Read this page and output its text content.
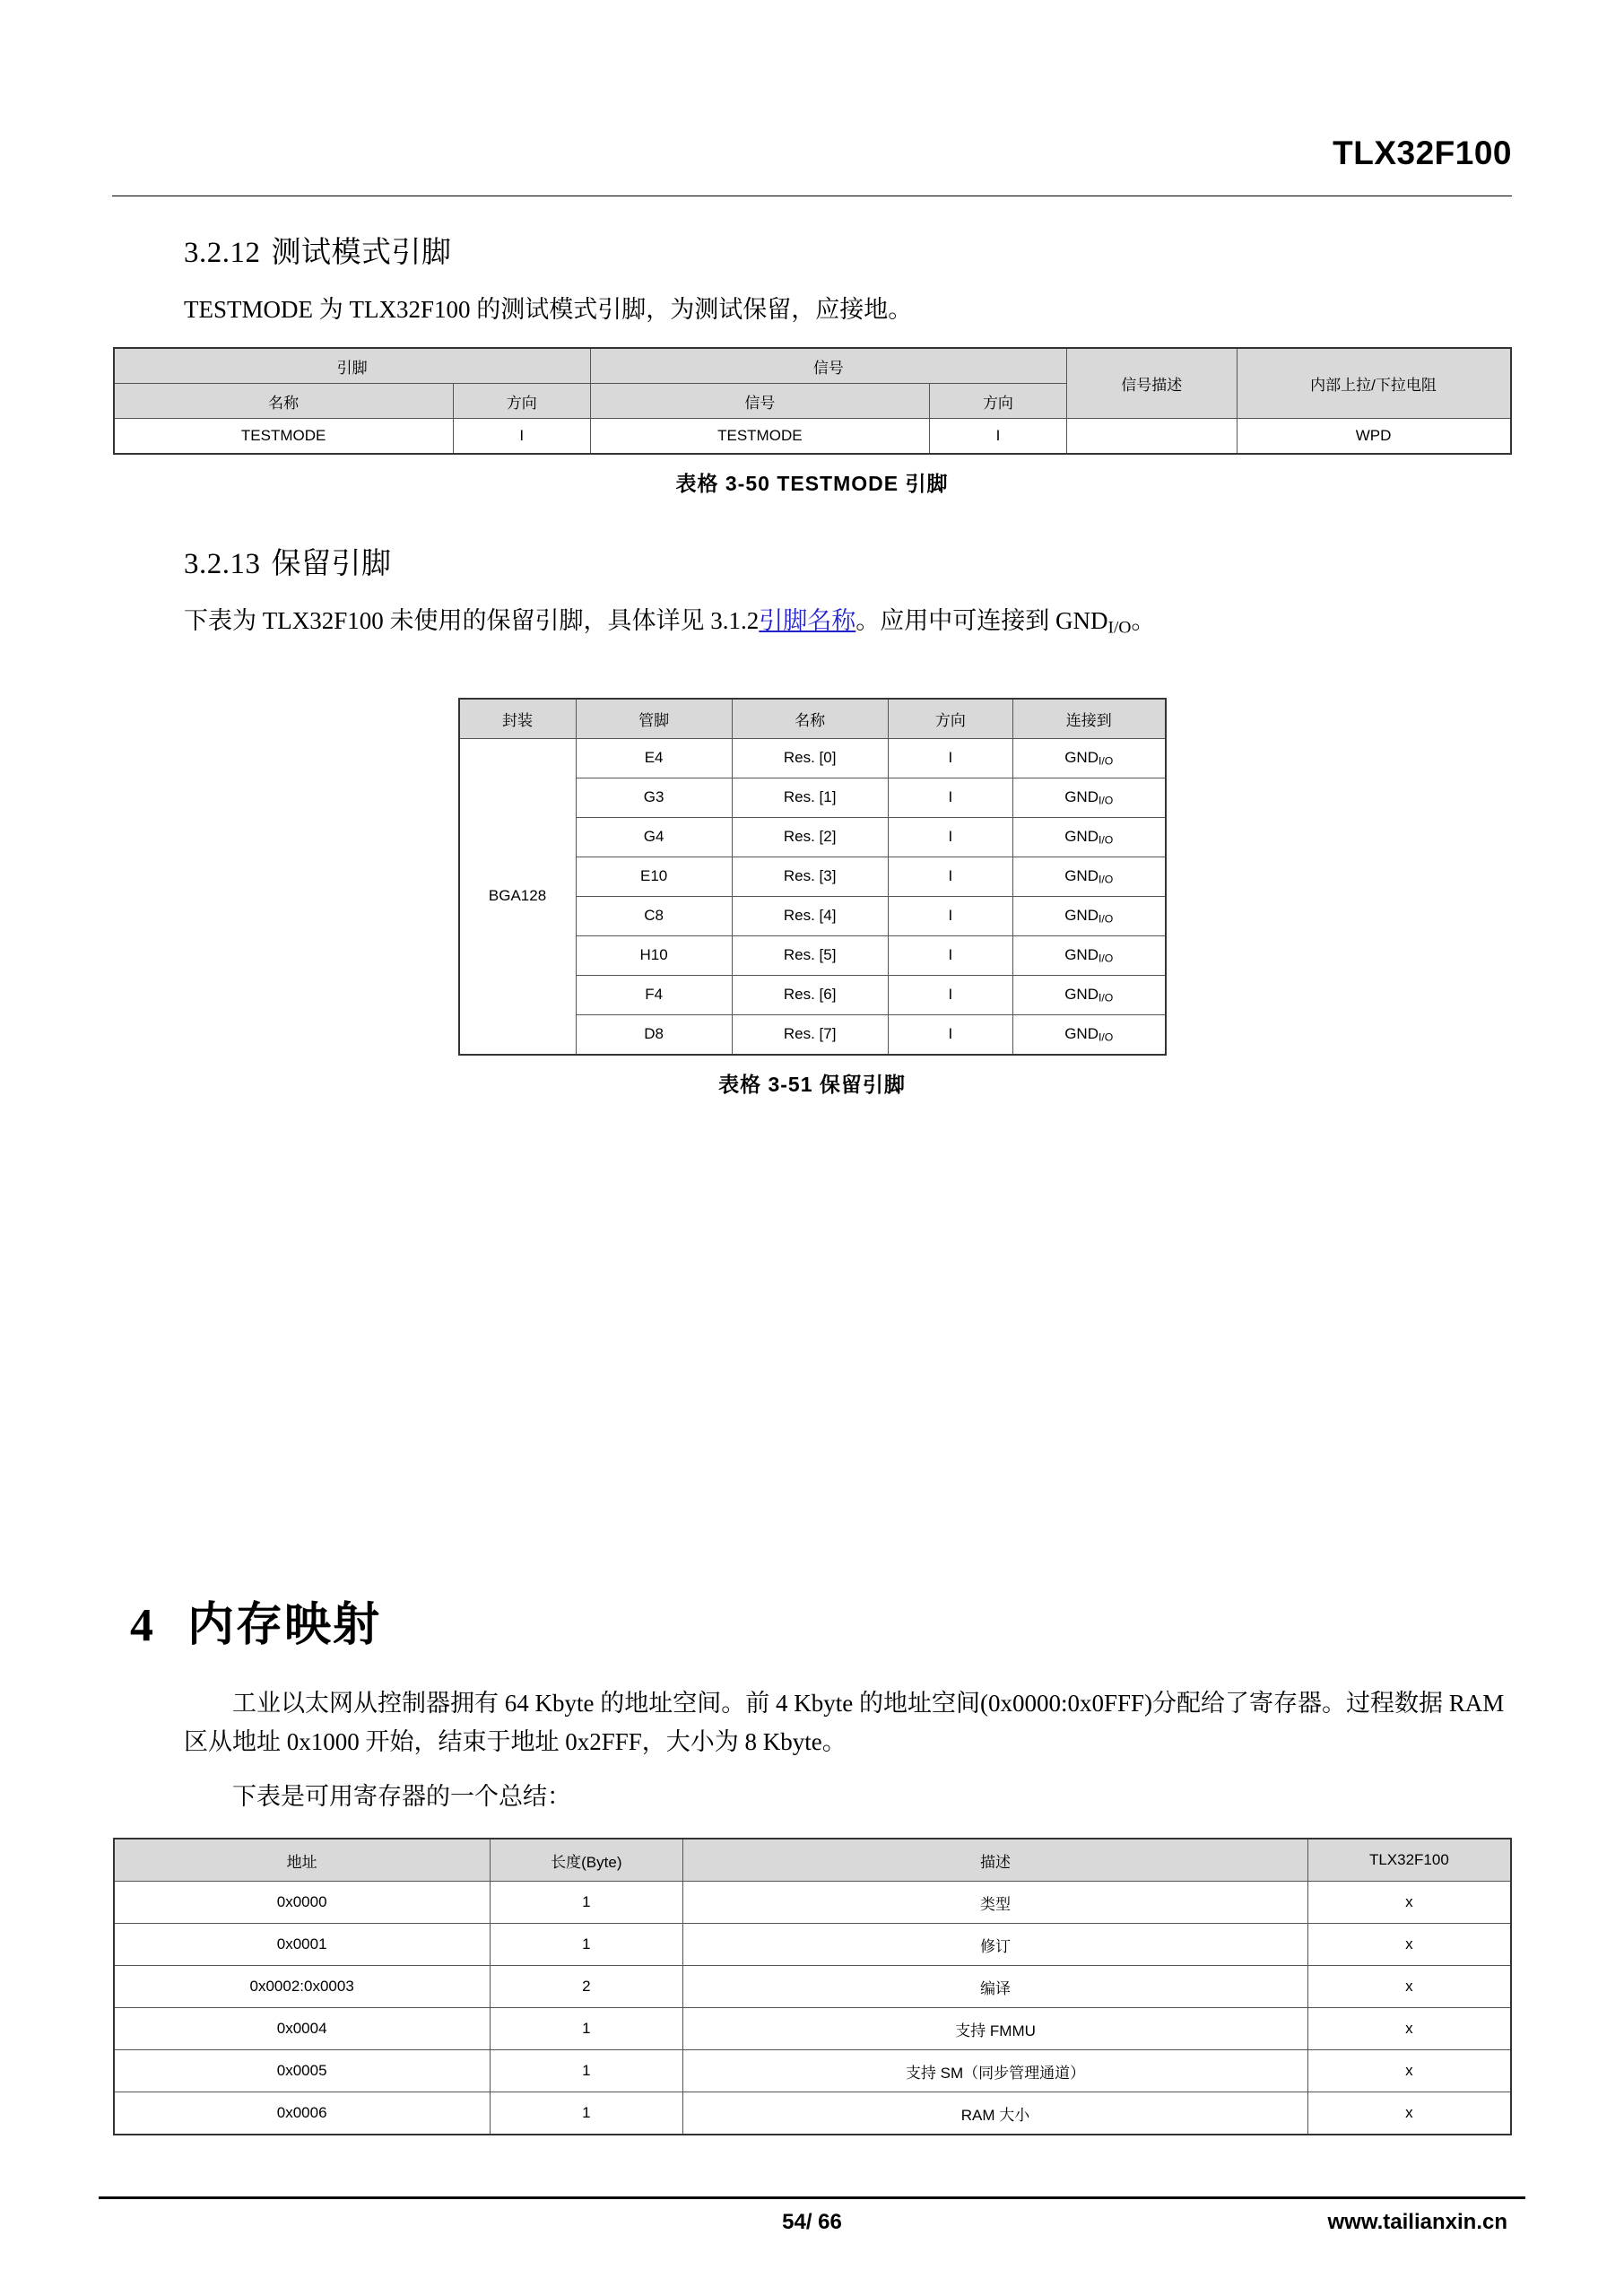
TLX32F100
3.2.12 测试模式引脚

TESTMODE 为 TLX32F100 的测试模式引脚，为测试保留，应接地。

引脚		信号		信号描述	内部上拉/下拉电阻
名称	方向	信号	方向		
TESTMODE	I	TESTMODE	I		WPD
表格 3-50 TESTMODE 引脚
3.2.13 保留引脚

下表为 TLX32F100 未使用的保留引脚，具体详见 3.1.2引脚名称。应用中可连接到 $GND_{I/O}$。

封装	管脚	名称	方向	连接到
BGA128	E4	Res. [0]	I	$GND_{I/O}$
	G3	Res. [1]	I	$GND_{I/O}$
	G4	Res. [2]	I	$GND_{I/O}$
	E10	Res. [3]	I	$GND_{I/O}$
	C8	Res. [4]	I	$GND_{I/O}$
	H10	Res. [5]	I	$GND_{I/O}$
	F4	Res. [6]	I	$GND_{I/O}$
	D8	Res. [7]	I	$GND_{I/O}$
表格 3-51 保留引脚
4 内存映射

工业以太网从控制器拥有 64 Kbyte 的地址空间。前 4 Kbyte 的地址空间(0x0000:0x0FFF)分配给了寄存器。过程数据 RAM 区从地址 0x1000 开始，结束于地址 0x2FFF，大小为 8 Kbyte。

下表是可用寄存器的一个总结：

地址	长度(Byte)	描述	TLX32F100
0x0000	1	类型	x
0x0001	1	修订	x
0x0002:0x0003	2	编译	x
0x0004	1	支持 FMMU	x
0x0005	1	支持 SM（同步管理通道）	x
0x0006	1	RAM 大小	x
54/ 66	www.tailianxin.cn
